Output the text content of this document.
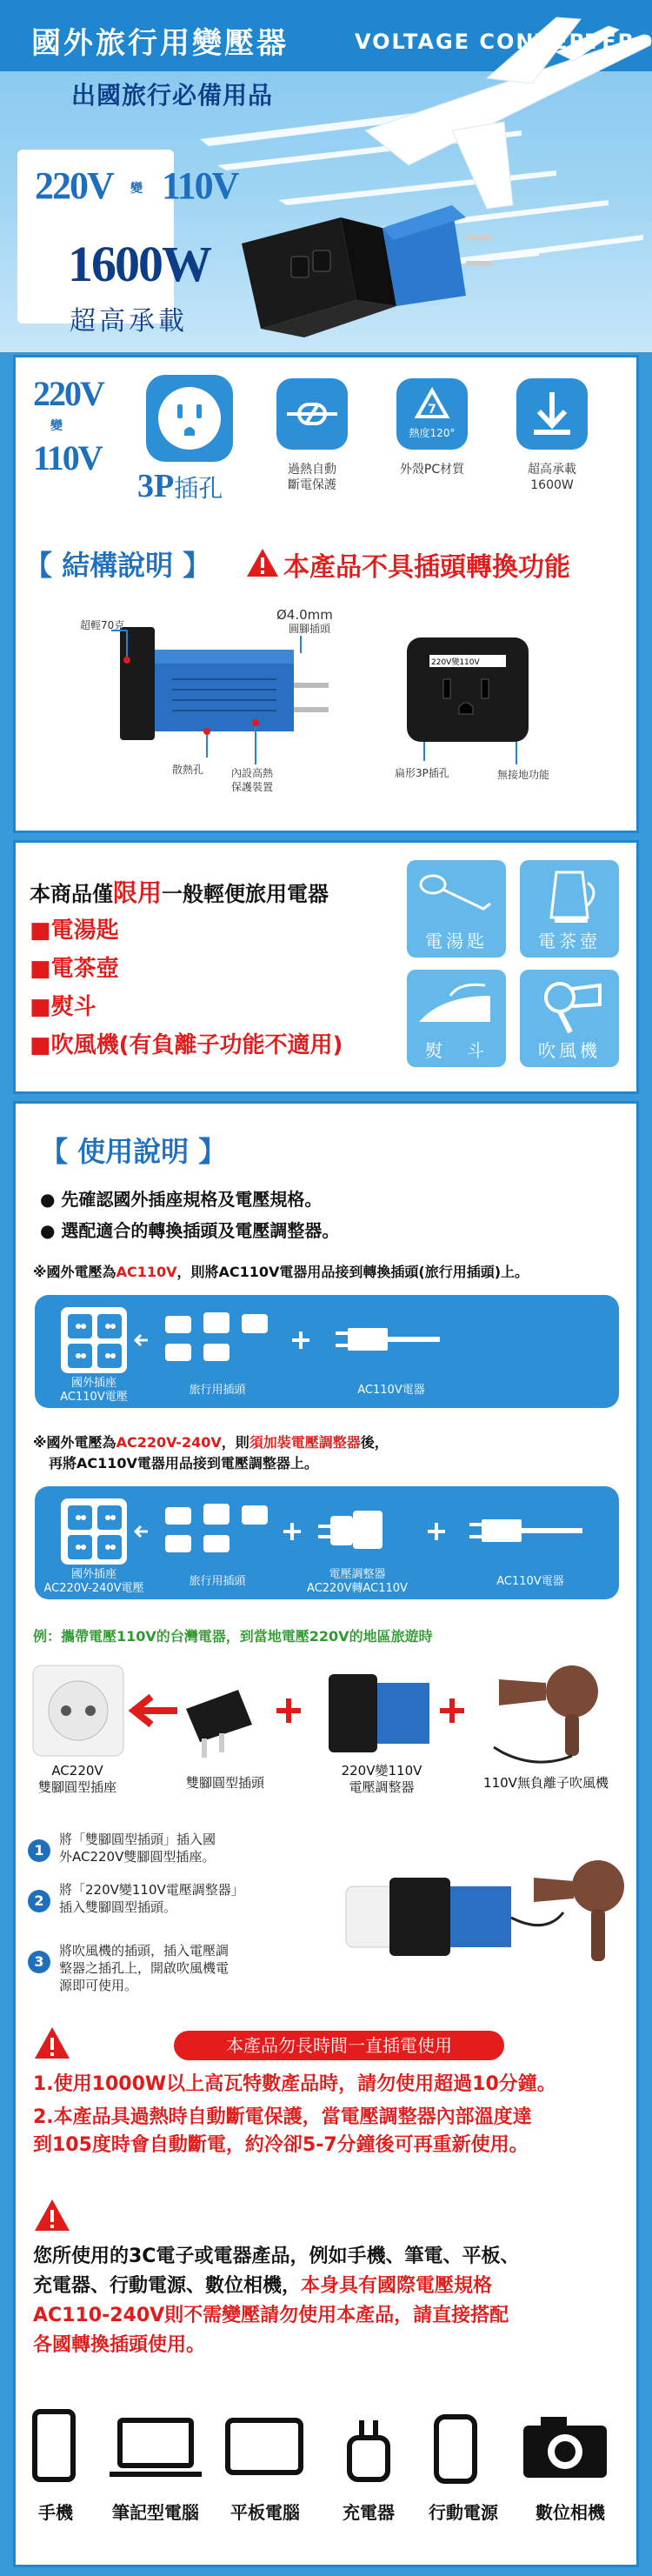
國外旅行用變壓器	VOLTAGE CONVERTER
出國旅行必備用品
220V 變 110V
1600W
超高承載
220V
變
110V
3P插孔
過熱自動
斷電保護
7
熱度120°
外殼PC材質	超高承載
1600W
【 結構說明 】	本產品不具插頭轉換功能
超輕70克
Ø4.0mm
圓腳插頭
散熱孔	內設高熱
保護裝置
220V變110V
扁形3P插孔	無接地功能
本商品僅限用一般輕便旅用電器
■電湯匙
■電茶壺
■熨斗
■吹風機(有負離子功能不適用)
電湯匙	電茶壺
熨　斗	吹風機
【 使用說明 】
● 先確認國外插座規格及電壓規格。
● 選配適合的轉換插頭及電壓調整器。
※國外電壓為AC110V，則將AC110V電器用品接到轉換插頭(旅行用插頭)上。
國外插座
AC110V電壓
旅行用插頭	AC110V電器
※國外電壓為AC220V-240V，則須加裝電壓調整器後，
再將AC110V電器用品接到電壓調整器上。
國外插座
AC220V-240V電壓
旅行用插頭
電壓調整器
AC220V轉AC110V
AC110V電器
例：攜帶電壓110V的台灣電器，到當地電壓220V的地區旅遊時
AC220V
雙腳圓型插座	雙腳圓型插頭
220V變110V
電壓調整器	110V無負離子吹風機
1
將「雙腳圓型插頭」插入國
外AC220V雙腳圓型插座。
2
將「220V變110V電壓調整器」
插入雙腳圓型插頭。
3
將吹風機的插頭，插入電壓調
整器之插孔上，開啟吹風機電
源即可使用。
本產品勿長時間一直插電使用
1.使用1000W以上高瓦特數產品時，請勿使用超過10分鐘。
2.本產品具過熱時自動斷電保護，當電壓調整器內部溫度達
到105度時會自動斷電，約冷卻5-7分鐘後可再重新使用。
您所使用的3C電子或電器產品，例如手機、筆電、平板、
充電器、行動電源、數位相機，本身具有國際電壓規格
AC110-240V則不需變壓請勿使用本產品，請直接搭配
各國轉換插頭使用。
手機	筆記型電腦	平板電腦	充電器	行動電源	數位相機
